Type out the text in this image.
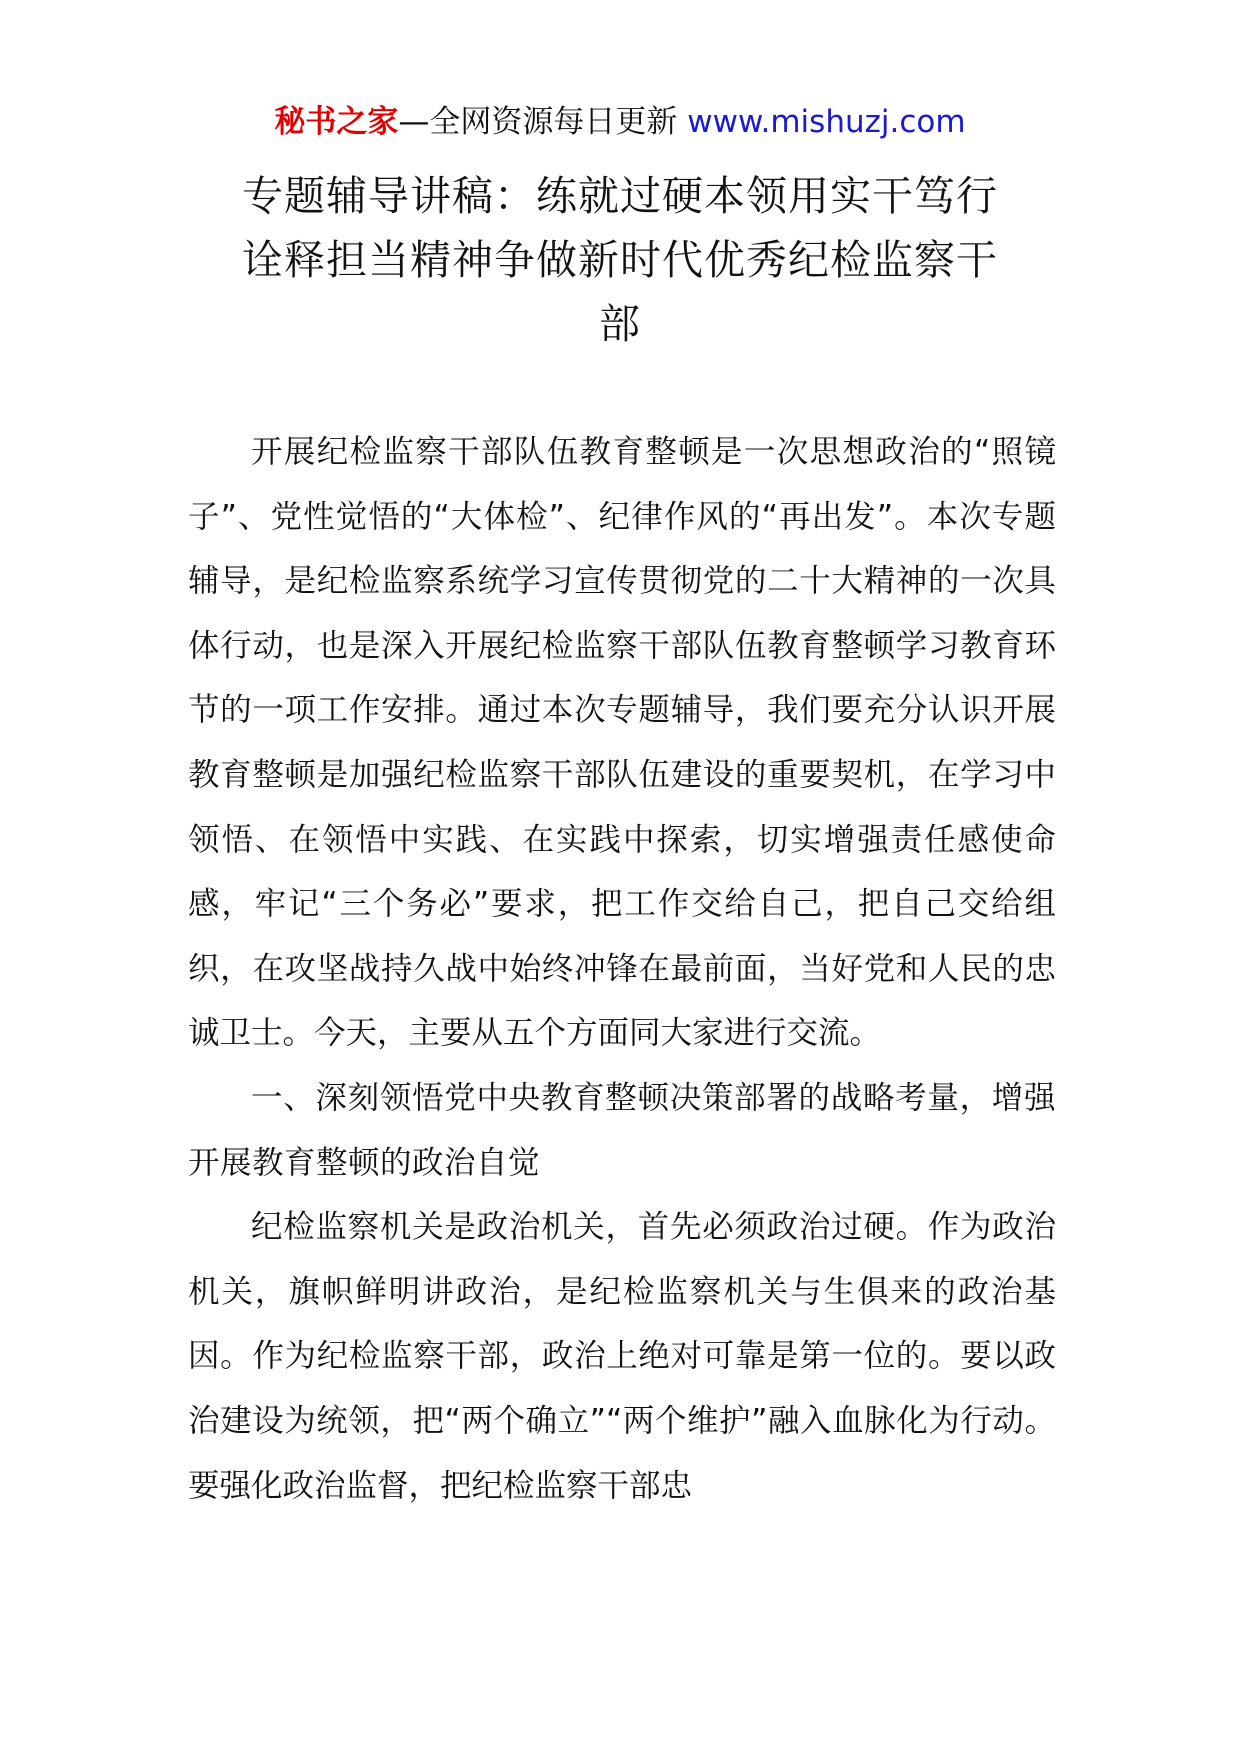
秘书之家—全网资源每日更新 www.mishuzj.com
专题辅导讲稿：练就过硬本领用实干笃行
诠释担当精神争做新时代优秀纪检监察干
部

开展纪检监察干部队伍教育整顿是一次思想政治的“照镜子”、党性觉悟的“大体检”、纪律作风的“再出发”。本次专题辅导，是纪检监察系统学习宣传贯彻党的二十大精神的一次具体行动，也是深入开展纪检监察干部队伍教育整顿学习教育环节的一项工作安排。通过本次专题辅导，我们要充分认识开展教育整顿是加强纪检监察干部队伍建设的重要契机，在学习中领悟、在领悟中实践、在实践中探索，切实增强责任感使命感，牢记“三个务必”要求，把工作交给自己，把自己交给组织，在攻坚战持久战中始终冲锋在最前面，当好党和人民的忠诚卫士。今天，主要从五个方面同大家进行交流。

一、深刻领悟党中央教育整顿决策部署的战略考量，增强开展教育整顿的政治自觉

纪检监察机关是政治机关，首先必须政治过硬。作为政治机关，旗帜鲜明讲政治，是纪检监察机关与生俱来的政治基因。作为纪检监察干部，政治上绝对可靠是第一位的。要以政治建设为统领，把“两个确立”“两个维护”融入血脉化为行动。要强化政治监督，把纪检监察干部忠
